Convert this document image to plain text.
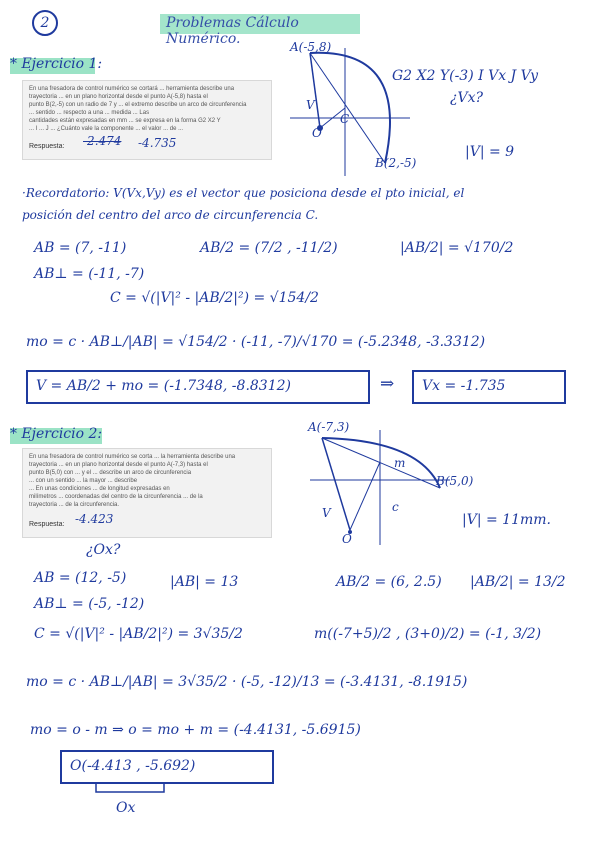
2	Problemas Cálculo Numérico.
* Ejercicio 1:
En una fresadora de control numérico se cortará ... herramienta describe una
trayectoria ... en un plano horizontal desde el punto A(-5,8) hasta el
punto B(2,-5) con un radio de 7 y ... el extremo describe un arco de circunferencia
... sentido ... respecto a una ... medida ... Las
cantidades están expresadas en mm ... se expresa en la forma G2 X2 Y
... I ... J ... ¿Cuánto vale la componente ... el valor ... de ...
Respuesta: -2.474 -4.735
A(-5,8)
B(2,-5)
V
O
C
G2 X2 Y(-3) I Vx J Vy
¿Vx?
|V| = 9
·Recordatorio: V(Vx,Vy) es el vector que posiciona desde el pto inicial, el
posición del centro del arco de circunferencia C.
AB = (7, -11)	AB/2 = (7/2 , -11/2)	|AB/2| = √170/2
AB⊥ = (-11, -7)
C = √(|V|² - |AB/2|²) = √154/2
mo = c · AB⊥/|AB| = √154/2 · (-11, -7)/√170 = (-5.2348, -3.3312)
V = AB/2 + mo = (-1.7348, -8.8312)	⇒ Vx = -1.735
* Ejercicio 2:
En una fresadora de control numérico se corta ... la herramienta describe una
trayectoria ... en un plano horizontal desde el punto A(-7,3) hasta el
punto B(5,0) con ... y el ... describe un arco de circunferencia
... con un sentido ... la mayor ... describe
... En unas condiciones ... de longitud expresadas en
milímetros ... coordenadas del centro de la circunferencia ... de la
trayectoria ... de la circunferencia.
Respuesta: -4.423
A(-7,3)
B(5,0)
m
V
O
c
|V| = 11mm.
¿Ox?
AB = (12, -5)	|AB| = 13	AB/2 = (6, 2.5) |AB/2| = 13/2
AB⊥ = (-5, -12)
C = √(|V|² - |AB/2|²) = 3√35/2	m((-7+5)/2 , (3+0)/2) = (-1, 3/2)
mo = c · AB⊥/|AB| = 3√35/2 · (-5, -12)/13 = (-3.4131, -8.1915)
mo = o - m ⇒ o = mo + m = (-4.4131, -5.6915)
O(-4.413 , -5.692)
Ox
